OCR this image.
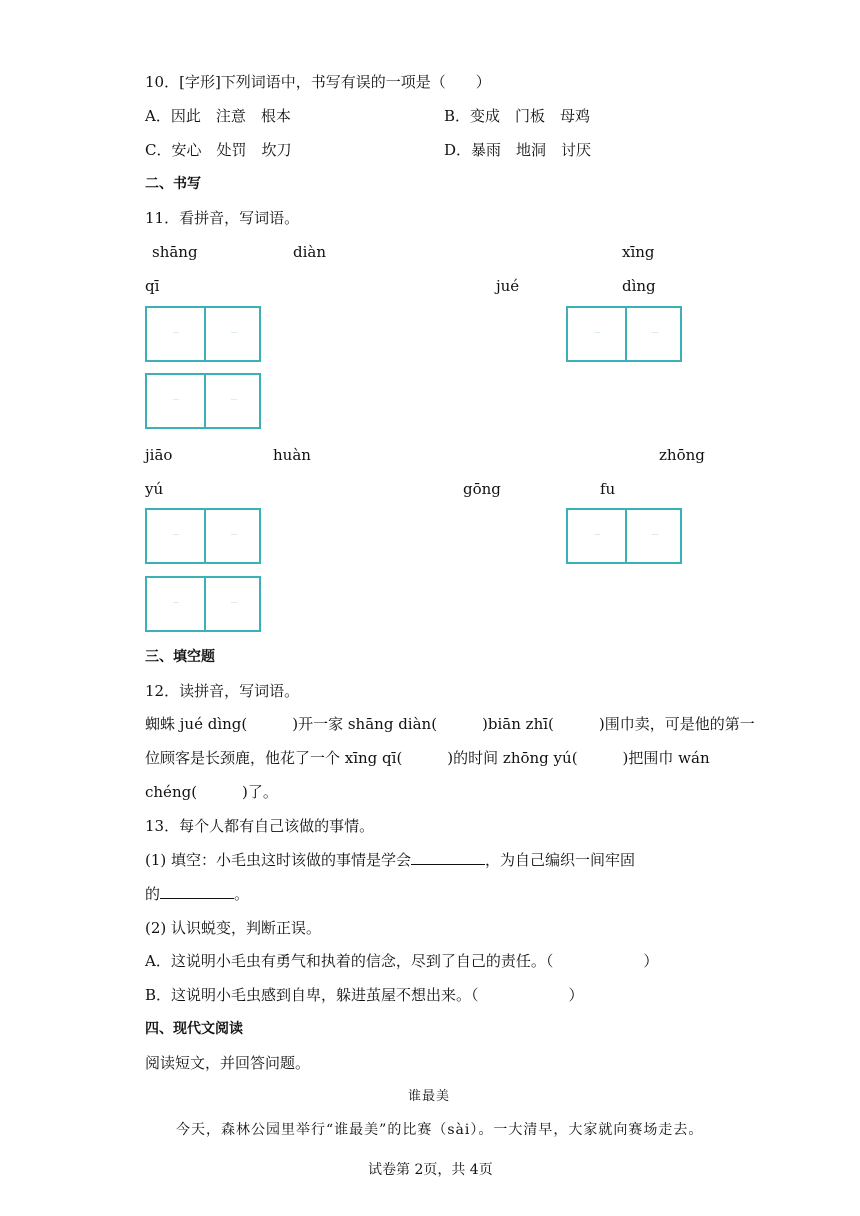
10．[字形]下列词语中，书写有误的一项是（　　）
A．因此　注意　根本	B．变成　门板　母鸡
C．安心　处罚　坎刀	D．暴雨　地洞　讨厌
二、书写
11．看拼音，写词语。
shāng	diàn	xīng
qī	jué	dìng
jiāo	huàn	zhōng
yú	gōng	fu
三、填空题
12．读拼音，写词语。
蜘蛛 jué dìng(　　　)开一家 shāng diàn(　　　)biān zhī(　　　)围巾卖，可是他的第一
位顾客是长颈鹿，他花了一个 xīng qī(　　　)的时间 zhōng yú(　　　)把围巾 wán
chéng(　　　)了。
13．每个人都有自己该做的事情。
(1) 填空：小毛虫这时该做的事情是学会	，为自己编织一间牢固
的	。
(2) 认识蜕变，判断正误。
A．这说明小毛虫有勇气和执着的信念，尽到了自己的责任。（　　　　　　）
B．这说明小毛虫感到自卑，躲进茧屋不想出来。（　　　　　　）
四、现代文阅读
阅读短文，并回答问题。
谁最美
今天，森林公园里举行“谁最美”的比赛（sài）。一大清早，大家就向赛场走去。
试卷第 2页，共 4页
